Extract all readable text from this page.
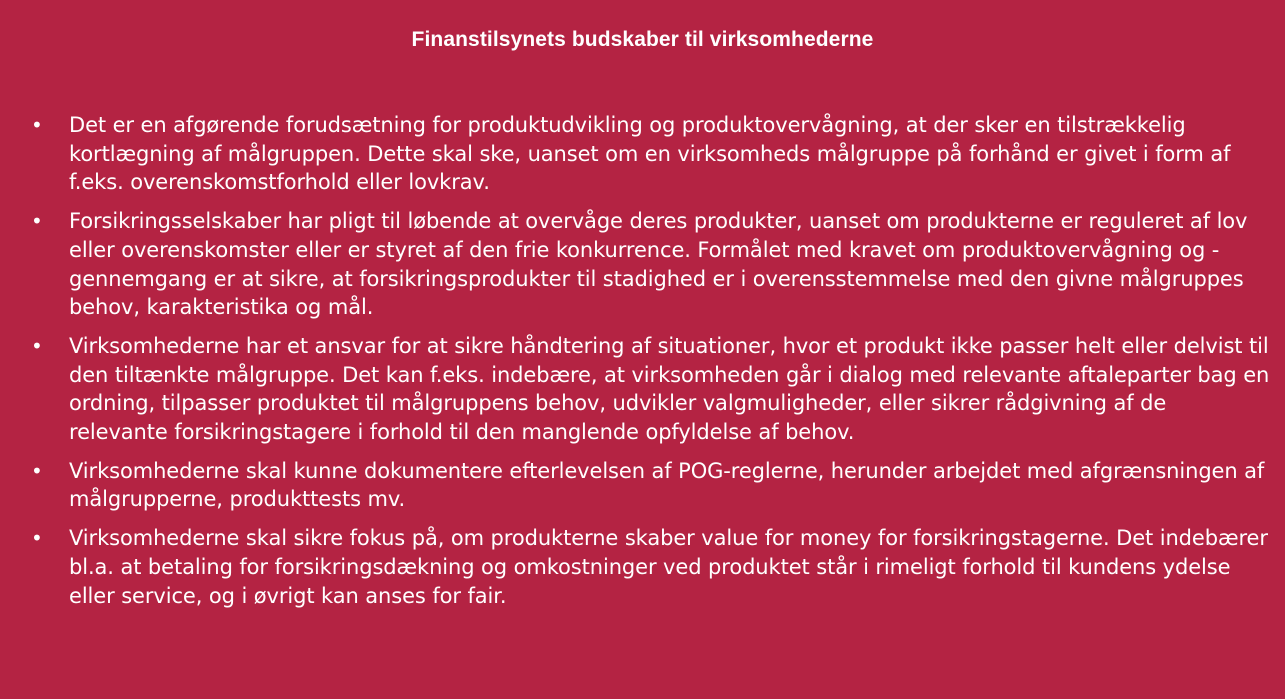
Finanstilsynets budskaber til virksomhederne
• Det er en afgørende forudsætning for produktudvikling og produktovervågning, at der sker en tilstrækkelig kortlægning af målgruppen. Dette skal ske, uanset om en virksomheds målgruppe på forhånd er givet i form af f.eks. overenskomstforhold eller lovkrav.
• Forsikringsselskaber har pligt til løbende at overvåge deres produkter, uanset om produkterne er reguleret af lov eller overenskomster eller er styret af den frie konkurrence. Formålet med kravet om produktovervågning og -gennemgang er at sikre, at forsikringsprodukter til stadighed er i overensstemmelse med den givne målgruppes behov, karakteristika og mål.
• Virksomhederne har et ansvar for at sikre håndtering af situationer, hvor et produkt ikke passer helt eller delvist til den tiltænkte målgruppe. Det kan f.eks. indebære, at virksomheden går i dialog med relevante aftaleparter bag en ordning, tilpasser produktet til målgruppens behov, udvikler valgmuligheder, eller sikrer rådgivning af de relevante forsikringstagere i forhold til den manglende opfyldelse af behov.
• Virksomhederne skal kunne dokumentere efterlevelsen af POG-reglerne, herunder arbejdet med afgrænsningen af målgrupperne, produkttests mv.
• Virksomhederne skal sikre fokus på, om produkterne skaber value for money for forsikringstagerne. Det indebærer bl.a. at betaling for forsikringsdækning og omkostninger ved produktet står i rimeligt forhold til kundens ydelse eller service, og i øvrigt kan anses for fair.
